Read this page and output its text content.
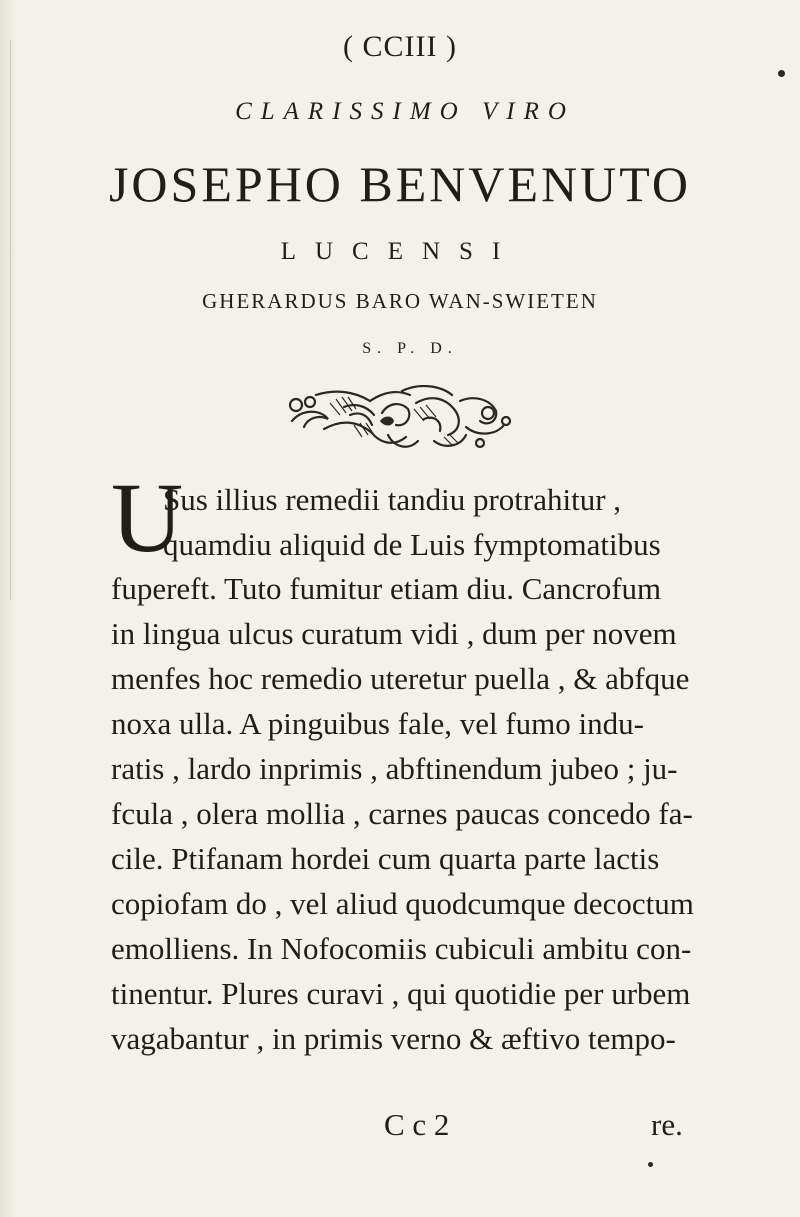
( CCIII )
CLARISSIMO VIRO
JOSEPHO BENVENUTO
LUCENSI
GHERARDUS BARO WAN-SWIETEN
S. P. D.
U
Sus illius remedii tandiu protrahitur ,
quamdiu aliquid de Luis fymptomatibus
fupereft. Tuto fumitur etiam diu. Cancrofum
in lingua ulcus curatum vidi , dum per novem
menfes hoc remedio uteretur puella , & abfque
noxa ulla. A pinguibus fale, vel fumo indu-
ratis , lardo inprimis , abftinendum jubeo ; ju-
fcula , olera mollia , carnes paucas concedo fa-
cile. Ptifanam hordei cum quarta parte lactis
copiofam do , vel aliud quodcumque decoctum
emolliens. In Nofocomiis cubiculi ambitu con-
tinentur. Plures curavi , qui quotidie per urbem
vagabantur , in primis verno & æftivo tempo-
C c 2	re.
